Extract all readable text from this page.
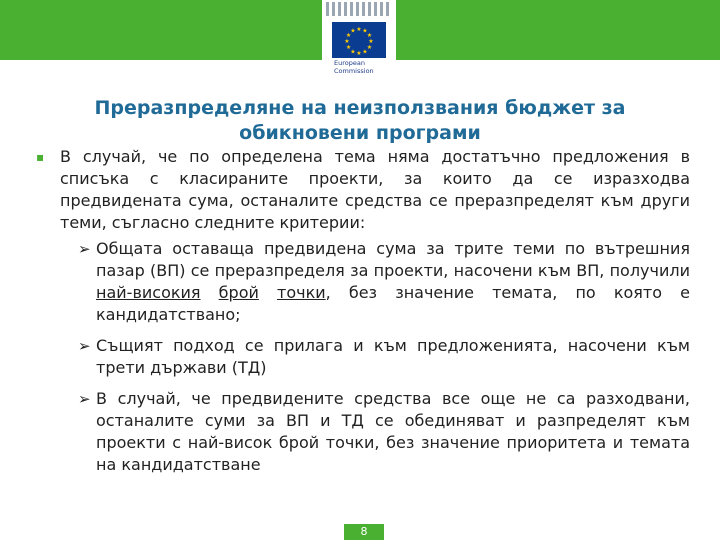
★ ★
★
★
★
★
★
★
★
★
★
★
European
Commission
Преразпределяне на неизползвания бюджет за
обикновени програми
▪ В случай, че по определена тема няма достатъчно предложения в списъка с класираните проекти, за които да се изразходва предвидената сума, останалите средства се преразпределят към други теми, съгласно следните критерии:
➢ Общата оставаща предвидена сума за трите теми по вътрешния пазар (ВП) се преразпределя за проекти, насочени към ВП, получили най-високия брой точки, без значение темата, по която е кандидатствано;
➢ Същият подход се прилага и към предложенията, насочени към трети държави (ТД)
➢ В случай, че предвидените средства все още не са разходвани, останалите суми за ВП и ТД се обединяват и разпределят към проекти с най-висок брой точки, без значение приоритета и темата на кандидатстване
8
